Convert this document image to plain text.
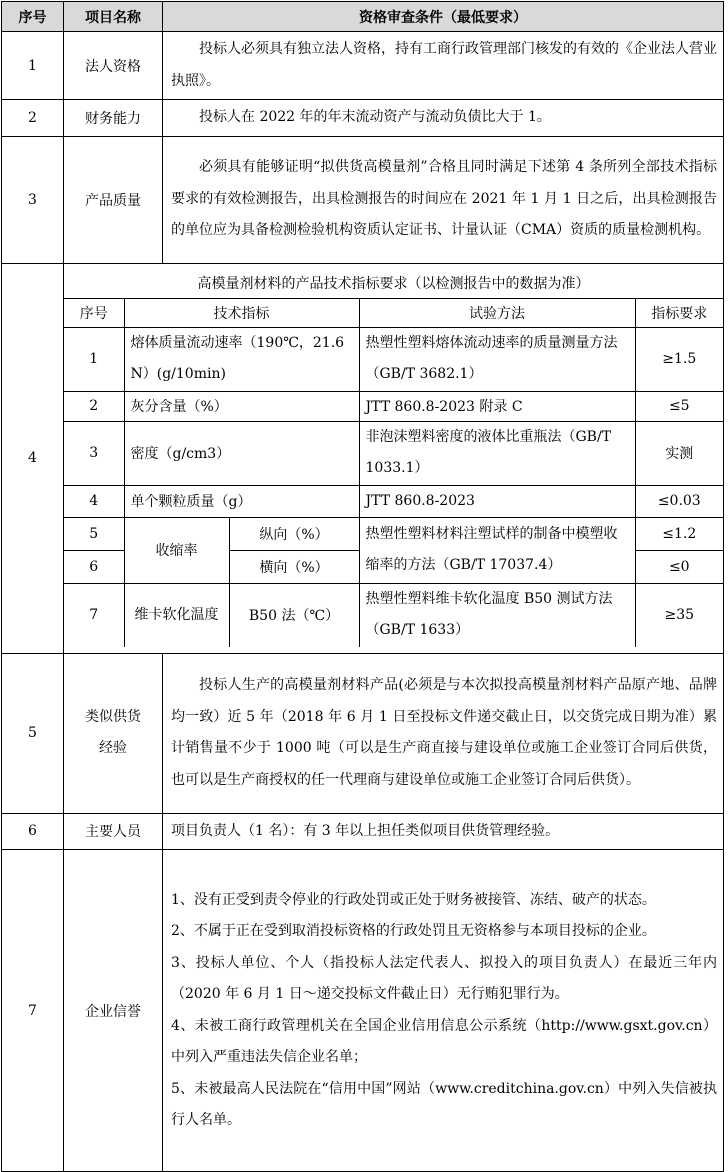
序号	项目名称	资格审查条件（最低要求）
1	法人资格	投标人必须具有独立法人资格，持有工商行政管理部门核发的有效的《企业法人营业执照》。
2	财务能力	投标人在 2022 年的年末流动资产与流动负债比大于 1。
3	产品质量	必须具有能够证明“拟供货高模量剂”合格且同时满足下述第 4 条所列全部技术指标要求的有效检测报告，出具检测报告的时间应在 2021 年 1 月 1 日之后，出具检测报告的单位应为具备检测检验机构资质认定证书、计量认证（CMA）资质的质量检测机构。
4	
高模量剂材料的产品技术指标要求（以检测报告中的数据为准）
序号	技术指标	试验方法	指标要求
1	熔体质量流动速率（190℃，21.6 N）(g/10min)	热塑性塑料熔体流动速率的质量测量方法（GB/T 3682.1）	≥1.5
2	灰分含量（%）	JTT 860.8-2023 附录 C	≤5
3	密度（g/cm3）	非泡沫塑料密度的液体比重瓶法（GB/T 1033.1）	实测
4	单个颗粒质量（g）	JTT 860.8-2023	≤0.03
5	收缩率	纵向（%）	热塑性塑料材料注塑试样的制备中模塑收缩率的方法（GB/T 17037.4）	≤1.2
6	横向（%）	≤0
7	维卡软化温度	B50 法（℃）	热塑性塑料维卡软化温度 B50 测试方法（GB/T 1633）	≥35

5	类似供货经验	投标人生产的高模量剂材料产品(必须是与本次拟投高模量剂材料产品原产地、品牌均一致）近 5 年（2018 年 6 月 1 日至投标文件递交截止日，以交货完成日期为准）累计销售量不少于 1000 吨（可以是生产商直接与建设单位或施工企业签订合同后供货，也可以是生产商授权的任一代理商与建设单位或施工企业签订合同后供货）。
6	主要人员	项目负责人（1 名）：有 3 年以上担任类似项目供货管理经验。
7	企业信誉	

1、没有正受到责令停业的行政处罚或正处于财务被接管、冻结、破产的状态。

2、不属于正在受到取消投标资格的行政处罚且无资格参与本项目投标的企业。

3、投标人单位、个人（指投标人法定代表人、拟投入的项目负责人）在最近三年内（2020 年 6 月 1 日～递交投标文件截止日）无行贿犯罪行为。

4、未被工商行政管理机关在全国企业信用信息公示系统（http://www.gsxt.gov.cn）中列入严重违法失信企业名单；

5、未被最高人民法院在“信用中国”网站（www.creditchina.gov.cn）中列入失信被执行人名单。
